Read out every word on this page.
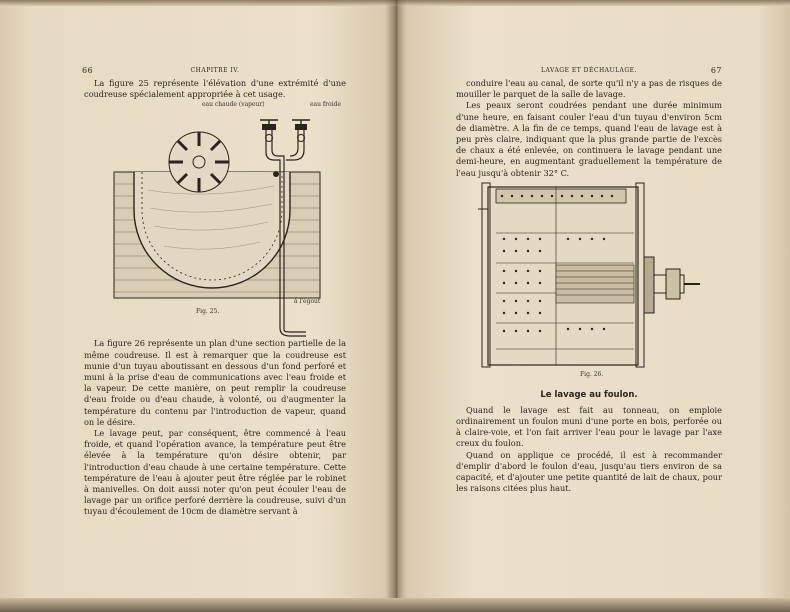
66	CHAPITRE IV.

La figure 25 représente l'élévation d'une extrémité d'une coudreuse spécialement appropriée à cet usage.

eau chaude (vapeur)	eau froide
à l'égout
Fig. 25.

La figure 26 représente un plan d'une section partielle de la même coudreuse. Il est à remarquer que la coudreuse est munie d'un tuyau aboutissant en dessous d'un fond perforé et muni à la prise d'eau de communications avec l'eau froide et la vapeur. De cette manière, on peut remplir la coudreuse d'eau froide ou d'eau chaude, à volonté, ou d'augmenter la température du contenu par l'introduction de vapeur, quand on le désire.

Le lavage peut, par conséquent, être commencé à l'eau froide, et quand l'opération avance, la température peut être élevée à la température qu'on désire obtenir, par l'introduction d'eau chaude à une certaine température. Cette température de l'eau à ajouter peut être réglée par le robinet à manivelles. On doit aussi noter qu'on peut écouler l'eau de lavage par un orifice perforé derrière la coudreuse, suivi d'un tuyau d'écoulement de 10cm de diamètre servant à

LAVAGE ET DÉCHAULAGE.	67

conduire l'eau au canal, de sorte qu'il n'y a pas de risques de mouiller le parquet de la salle de lavage.

Les peaux seront coudrées pendant une durée minimum d'une heure, en faisant couler l'eau d'un tuyau d'environ 5cm de diamètre. A la fin de ce temps, quand l'eau de lavage est à peu près claire, indiquant que la plus grande partie de l'excès de chaux a été enlevée, on continuera le lavage pendant une demi-heure, en augmentant graduellement la température de l'eau jusqu'à obtenir 32° C.

Fig. 26.
Le lavage au foulon.

Quand le lavage est fait au tonneau, on emploie ordinairement un foulon muni d'une porte en bois, perforée ou à claire-voie, et l'on fait arriver l'eau pour le lavage par l'axe creux du foulon.

Quand on applique ce procédé, il est à recommander d'emplir d'abord le foulon d'eau, jusqu'au tiers environ de sa capacité, et d'ajouter une petite quantité de lait de chaux, pour les raisons citées plus haut.
